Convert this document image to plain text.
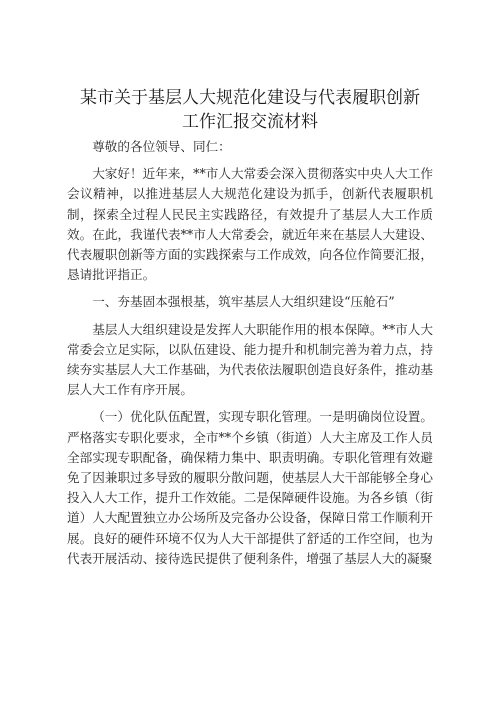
某市关于基层人大规范化建设与代表履职创新
工作汇报交流材料

尊敬的各位领导、同仁：

大家好！近年来，**市人大常委会深入贯彻落实中央人大工作会议精神，以推进基层人大规范化建设为抓手，创新代表履职机制，探索全过程人民民主实践路径，有效提升了基层人大工作质效。在此，我谨代表**市人大常委会，就近年来在基层人大建设、代表履职创新等方面的实践探索与工作成效，向各位作简要汇报，恳请批评指正。

一、夯基固本强根基，筑牢基层人大组织建设“压舱石”

基层人大组织建设是发挥人大职能作用的根本保障。**市人大常委会立足实际，以队伍建设、能力提升和机制完善为着力点，持续夯实基层人大工作基础，为代表依法履职创造良好条件，推动基层人大工作有序开展。

（一）优化队伍配置，实现专职化管理。一是明确岗位设置。严格落实专职化要求，全市**个乡镇（街道）人大主席及工作人员全部实现专职配备，确保精力集中、职责明确。专职化管理有效避免了因兼职过多导致的履职分散问题，使基层人大干部能够全身心投入人大工作，提升工作效能。二是保障硬件设施。为各乡镇（街道）人大配置独立办公场所及完备办公设备，保障日常工作顺利开展。良好的硬件环境不仅为人大干部提供了舒适的工作空间，也为代表开展活动、接待选民提供了便利条件，增强了基层人大的凝聚
